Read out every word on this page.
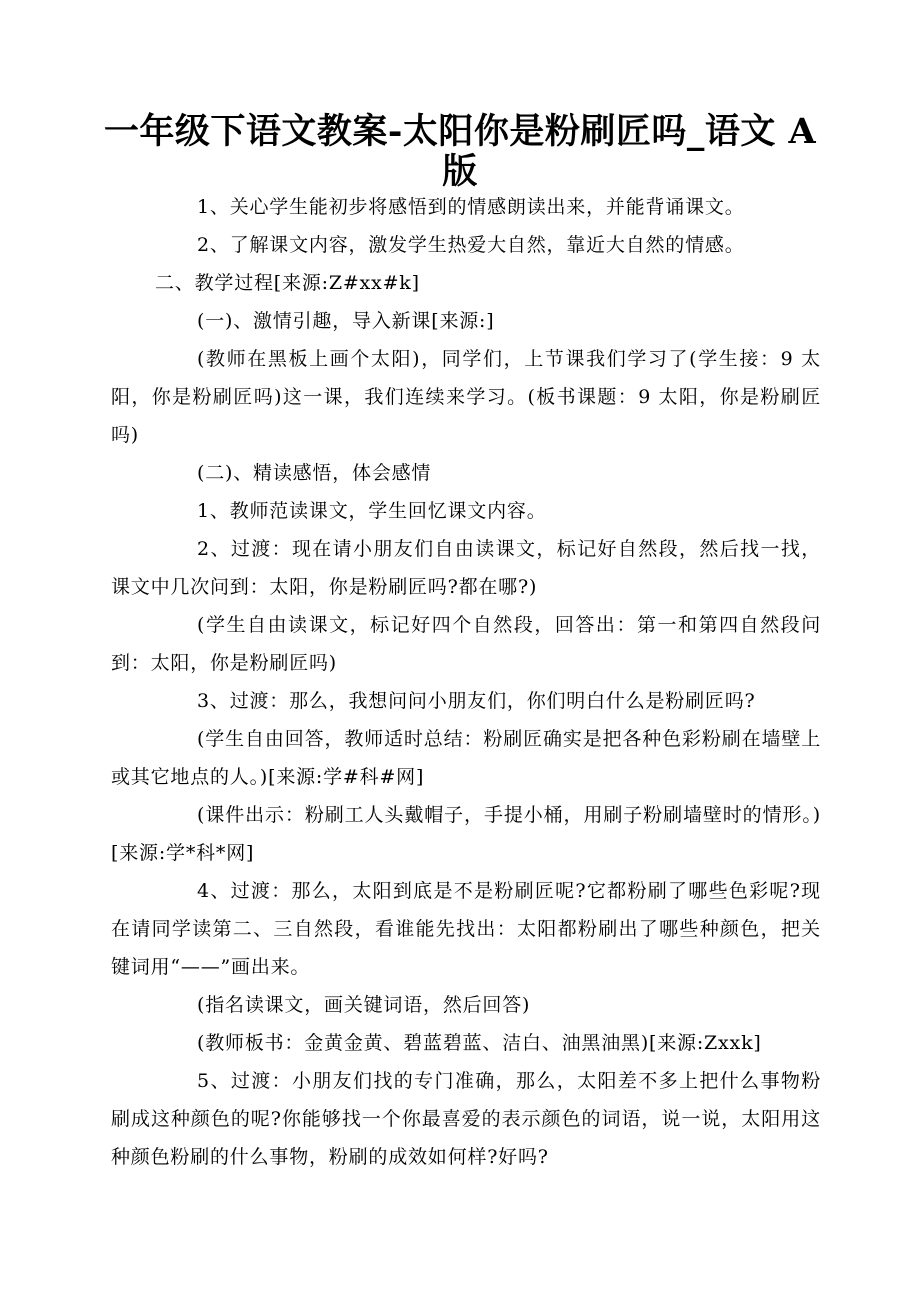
一年级下语文教案-太阳你是粉刷匠吗_语文 A 版

1、关心学生能初步将感悟到的情感朗读出来，并能背诵课文。

2、了解课文内容，激发学生热爱大自然，靠近大自然的情感。

二、教学过程[来源:Z#xx#k]

(一)、激情引趣，导入新课[来源:]

(教师在黑板上画个太阳)，同学们，上节课我们学习了(学生接：9 太阳，你是粉刷匠吗)这一课，我们连续来学习。(板书课题：9 太阳，你是粉刷匠吗)

(二)、精读感悟，体会感情

1、教师范读课文，学生回忆课文内容。

2、过渡：现在请小朋友们自由读课文，标记好自然段，然后找一找，课文中几次问到：太阳，你是粉刷匠吗?都在哪?)

(学生自由读课文，标记好四个自然段，回答出：第一和第四自然段问到：太阳，你是粉刷匠吗)

3、过渡：那么，我想问问小朋友们，你们明白什么是粉刷匠吗?

(学生自由回答，教师适时总结：粉刷匠确实是把各种色彩粉刷在墙壁上或其它地点的人。)[来源:学#科#网]

(课件出示：粉刷工人头戴帽子，手提小桶，用刷子粉刷墙壁时的情形。)[来源:学*科*网]

4、过渡：那么，太阳到底是不是粉刷匠呢?它都粉刷了哪些色彩呢?现在请同学读第二、三自然段，看谁能先找出：太阳都粉刷出了哪些种颜色，把关键词用“——”画出来。

(指名读课文，画关键词语，然后回答)

(教师板书：金黄金黄、碧蓝碧蓝、洁白、油黑油黑)[来源:Zxxk]

5、过渡：小朋友们找的专门准确，那么，太阳差不多上把什么事物粉刷成这种颜色的呢?你能够找一个你最喜爱的表示颜色的词语，说一说，太阳用这种颜色粉刷的什么事物，粉刷的成效如何样?好吗?
